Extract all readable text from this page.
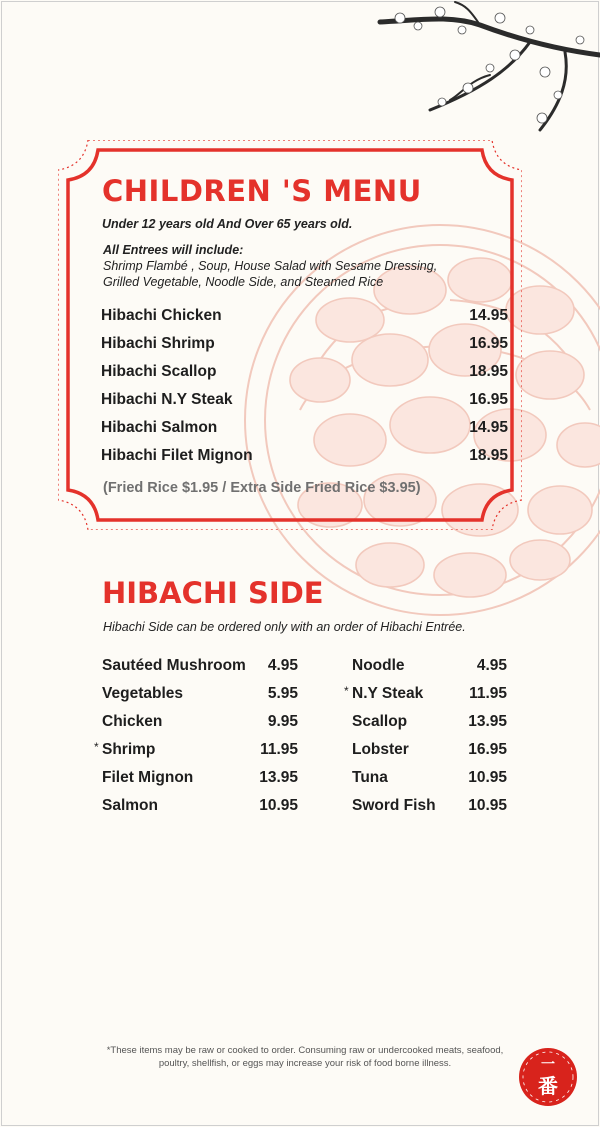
CHILDREN 'S MENU
Under 12 years old And Over 65 years old.
All Entrees will include:
Shrimp Flambé , Soup, House Salad with Sesame Dressing,
Grilled Vegetable, Noodle Side, and Steamed Rice
Hibachi Chicken	14.95
Hibachi Shrimp	16.95
Hibachi Scallop	18.95
Hibachi N.Y Steak	16.95
Hibachi Salmon	14.95
Hibachi Filet Mignon	18.95
(Fried Rice $1.95 / Extra Side Fried Rice $3.95)
HIBACHI SIDE
Hibachi Side can be ordered only with an order of Hibachi Entrée.
Sautéed Mushroom 4.95
Vegetables	5.95
Chicken	9.95
* Shrimp	11.95
Filet Mignon	13.95
Salmon	10.95
Noodle	4.95
* N.Y Steak	11.95
Scallop	13.95
Lobster	16.95
Tuna	10.95
Sword Fish 10.95
*These items may be raw or cooked to order. Consuming raw or undercooked meats, seafood, poultry, shellfish, or eggs may increase your risk of food borne illness.	一
番
